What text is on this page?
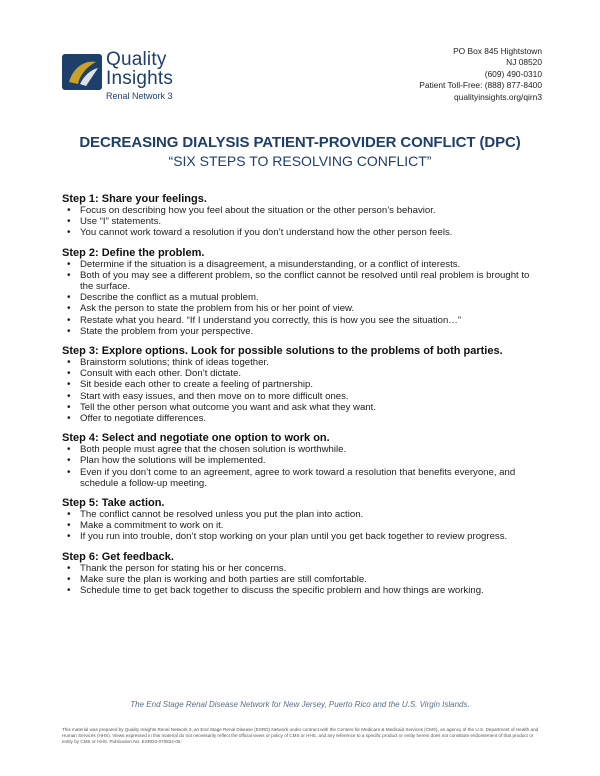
Quality
Insights
Renal Network 3
PO Box 845 Hightstown
NJ 08520
(609) 490-0310
Patient Toll-Free: (888) 877-8400
qualityinsights.org/qirn3
DECREASING DIALYSIS PATIENT-PROVIDER CONFLICT (DPC)
“SIX STEPS TO RESOLVING CONFLICT”
Step 1: Share your feelings.
• Focus on describing how you feel about the situation or the other person’s behavior.
• Use “I” statements.
• You cannot work toward a resolution if you don’t understand how the other person feels.
Step 2: Define the problem.
• Determine if the situation is a disagreement, a misunderstanding, or a conflict of interests.
• Both of you may see a different problem, so the conflict cannot be resolved until real problem is brought to the surface.
• Describe the conflict as a mutual problem.
• Ask the person to state the problem from his or her point of view.
• Restate what you heard. “If I understand you correctly, this is how you see the situation…”
• State the problem from your perspective.
Step 3: Explore options. Look for possible solutions to the problems of both parties.
• Brainstorm solutions; think of ideas together.
• Consult with each other. Don’t dictate.
• Sit beside each other to create a feeling of partnership.
• Start with easy issues, and then move on to more difficult ones.
• Tell the other person what outcome you want and ask what they want.
• Offer to negotiate differences.
Step 4: Select and negotiate one option to work on.
• Both people must agree that the chosen solution is worthwhile.
• Plan how the solutions will be implemented.
• Even if you don’t come to an agreement, agree to work toward a resolution that benefits everyone, and schedule a follow-up meeting.
Step 5: Take action.
• The conflict cannot be resolved unless you put the plan into action.
• Make a commitment to work on it.
• If you run into trouble, don’t stop working on your plan until you get back together to review progress.
Step 6: Get feedback.
• Thank the person for stating his or her concerns.
• Make sure the plan is working and both parties are still comfortable.
• Schedule time to get back together to discuss the specific problem and how things are working.
The End Stage Renal Disease Network for New Jersey, Puerto Rico and the U.S. Virgin Islands.
This material was prepared by Quality Insights Renal Network 3, an End Stage Renal Disease (ESRD) Network under contract with the Centers for Medicare & Medicaid Services (CMS), an agency of the U.S. Department of Health and Human Services (HHS). Views expressed in this material do not necessarily reflect the official views or policy of CMS or HHS, and any reference to a specific product or entity herein does not constitute endorsement of that product or entity by CMS or HHS. Publication No. ESRD3-070824-05.
